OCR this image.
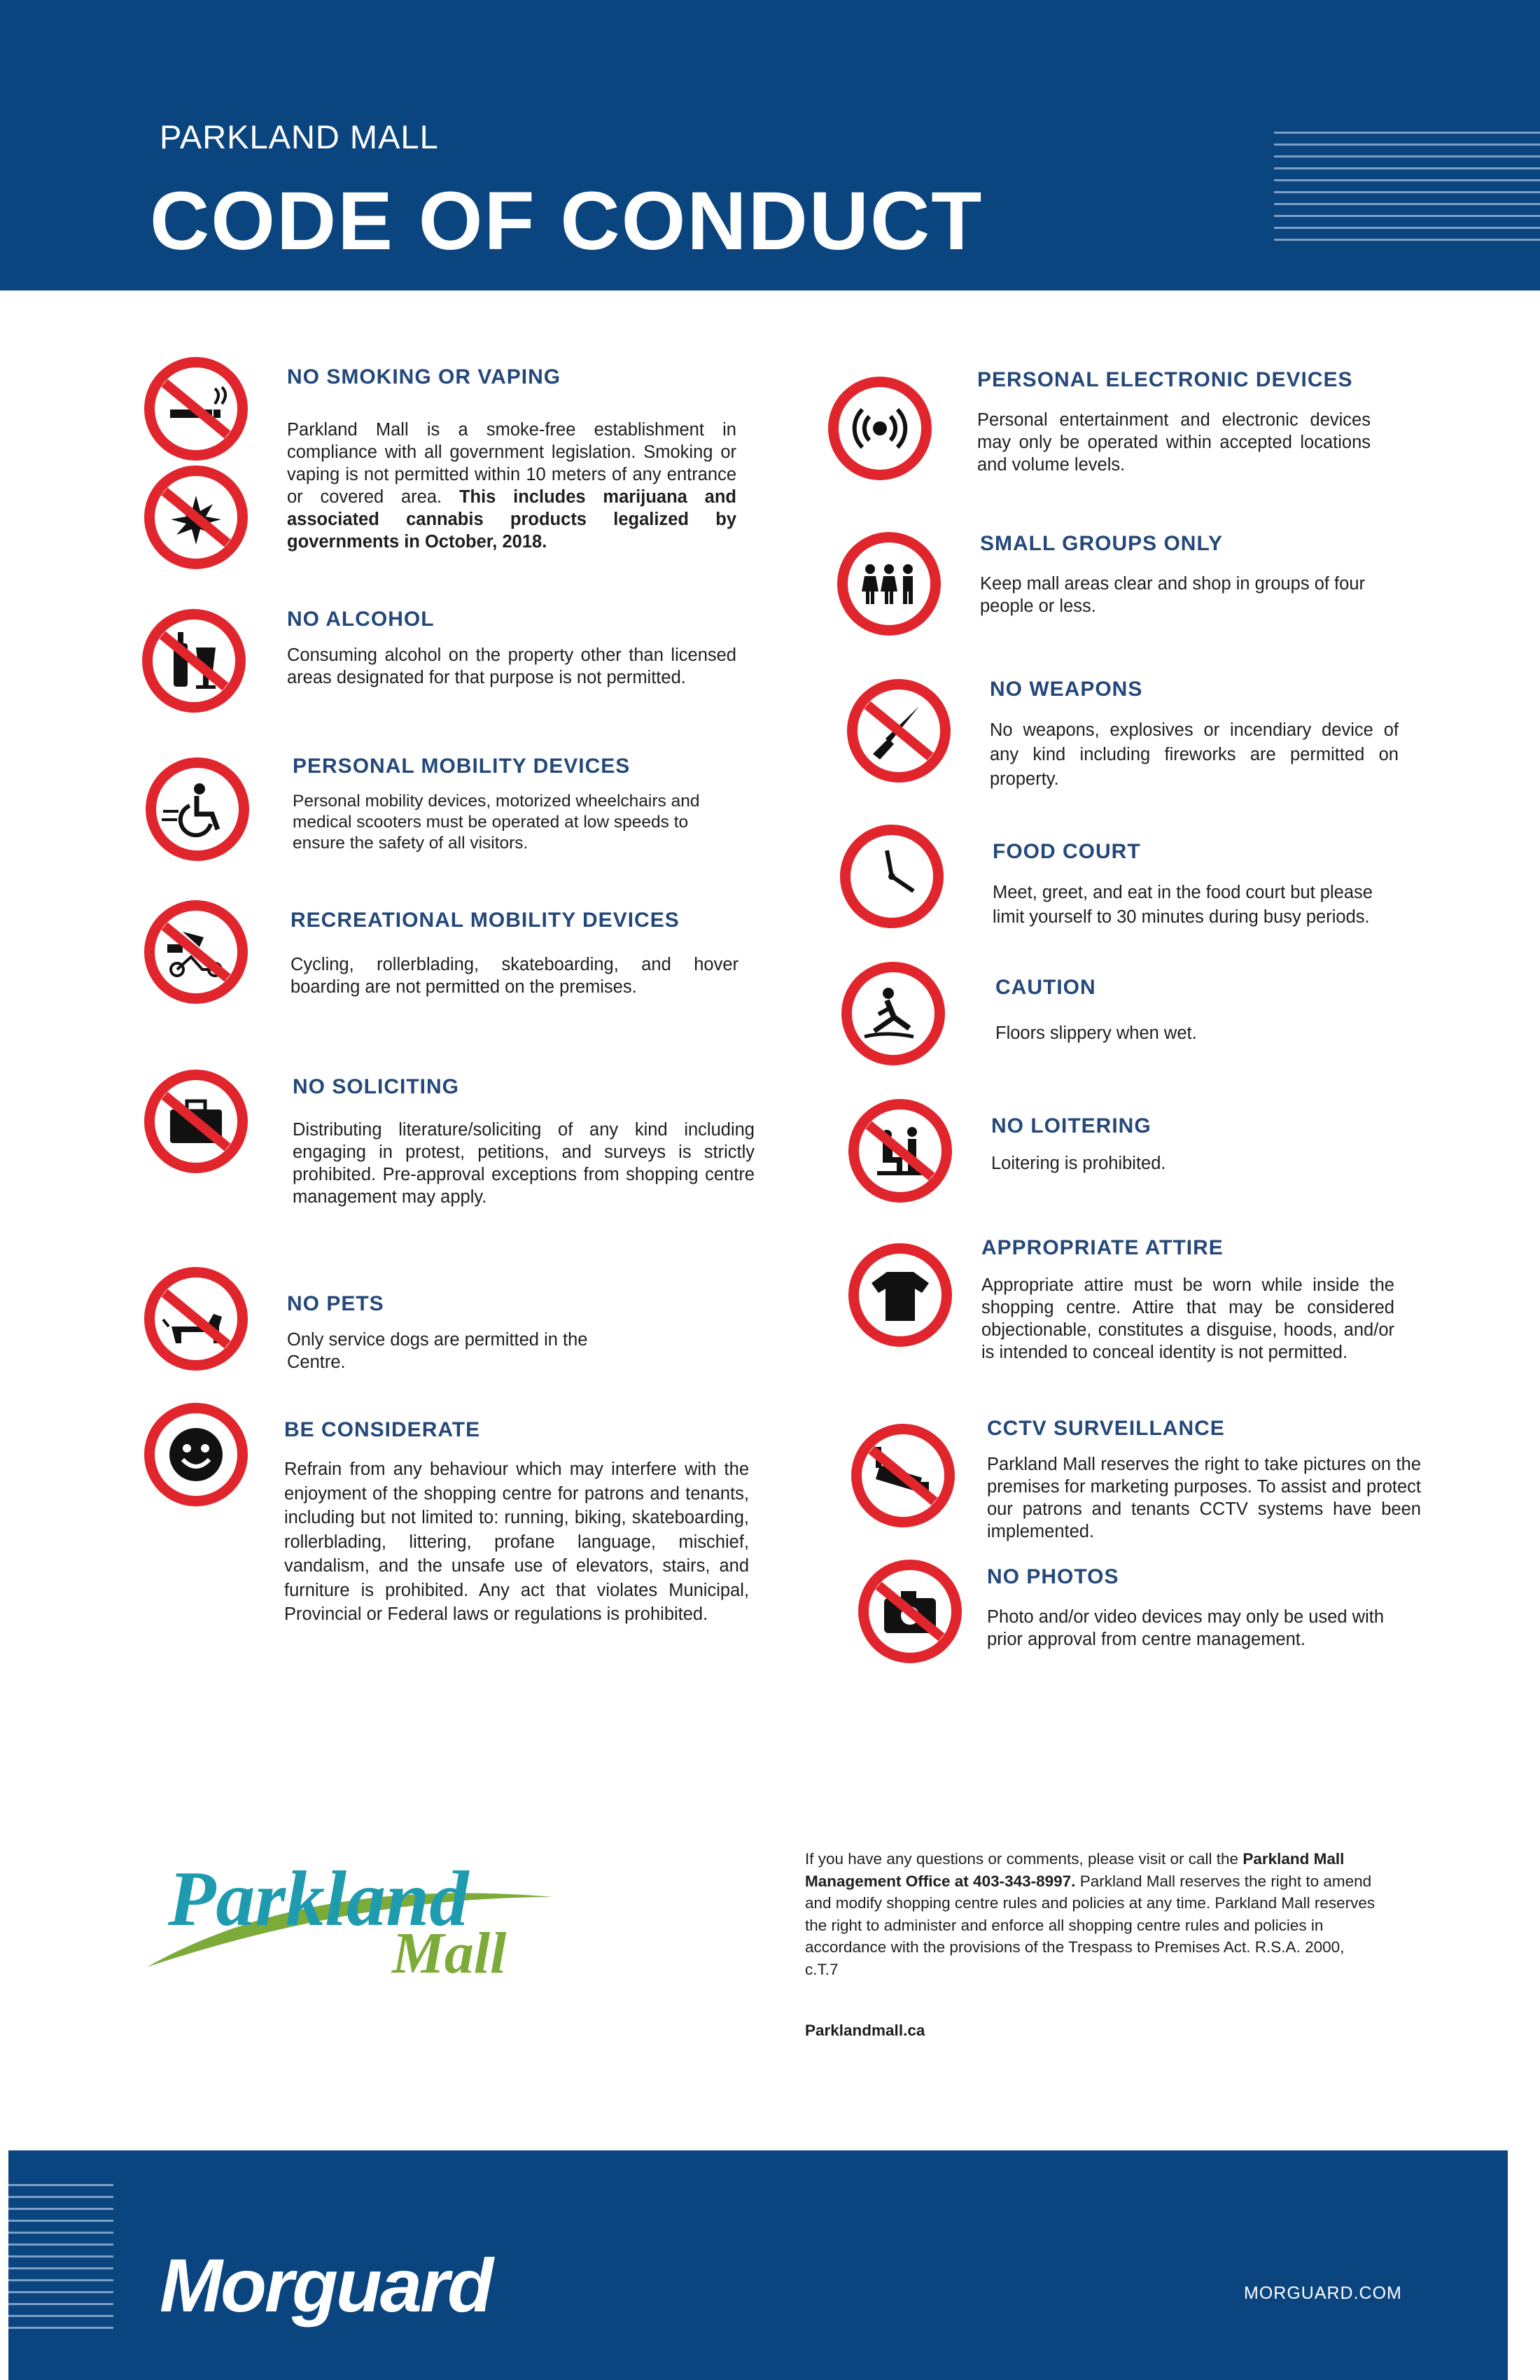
PARKLAND MALL
CODE OF CONDUCT
NO SMOKING OR VAPING

Parkland Mall is a smoke-free establishment in compliance with all government legislation. Smoking or vaping is not permitted within 10 meters of any entrance or covered area. This includes marijuana and associated cannabis products legalized by governments in October, 2018.

NO ALCOHOL

Consuming alcohol on the property other than licensed areas designated for that purpose is not permitted.

PERSONAL MOBILITY DEVICES

Personal mobility devices, motorized wheelchairs and medical scooters must be operated at low speeds to ensure the safety of all visitors.

RECREATIONAL MOBILITY DEVICES

Cycling, rollerblading, skateboarding, and hover boarding are not permitted on the premises.

NO SOLICITING

Distributing literature/soliciting of any kind including engaging in protest, petitions, and surveys is strictly prohibited. Pre-approval exceptions from shopping centre management may apply.

NO PETS

Only service dogs are permitted in the Centre.

BE CONSIDERATE

Refrain from any behaviour which may interfere with the enjoyment of the shopping centre for patrons and tenants, including but not limited to: running, biking, skateboarding, rollerblading, littering, profane language, mischief, vandalism, and the unsafe use of elevators, stairs, and furniture is prohibited. Any act that violates Municipal, Provincial or Federal laws or regulations is prohibited.

PERSONAL ELECTRONIC DEVICES

Personal entertainment and electronic devices may only be operated within accepted locations and volume levels.

SMALL GROUPS ONLY

Keep mall areas clear and shop in groups of four people or less.

NO WEAPONS

No weapons, explosives or incendiary device of any kind including fireworks are permitted on property.

FOOD COURT

Meet, greet, and eat in the food court but please limit yourself to 30 minutes during busy periods.

CAUTION

Floors slippery when wet.

NO LOITERING

Loitering is prohibited.

APPROPRIATE ATTIRE

Appropriate attire must be worn while inside the shopping centre. Attire that may be considered objectionable, constitutes a disguise, hoods, and/or is intended to conceal identity is not permitted.

CCTV SURVEILLANCE

Parkland Mall reserves the right to take pictures on the premises for marketing purposes. To assist and protect our patrons and tenants CCTV systems have been implemented.

NO PHOTOS

Photo and/or video devices may only be used with prior approval from centre management.

Parkland
Mall
If you have any questions or comments, please visit or call the Parkland Mall Management Office at 403-343-8997. Parkland Mall reserves the right to amend and modify shopping centre rules and policies at any time. Parkland Mall reserves the right to administer and enforce all shopping centre rules and policies in accordance with the provisions of the Trespass to Premises Act. R.S.A. 2000, c.T.7
Parklandmall.ca
Morguard	MORGUARD.COM
